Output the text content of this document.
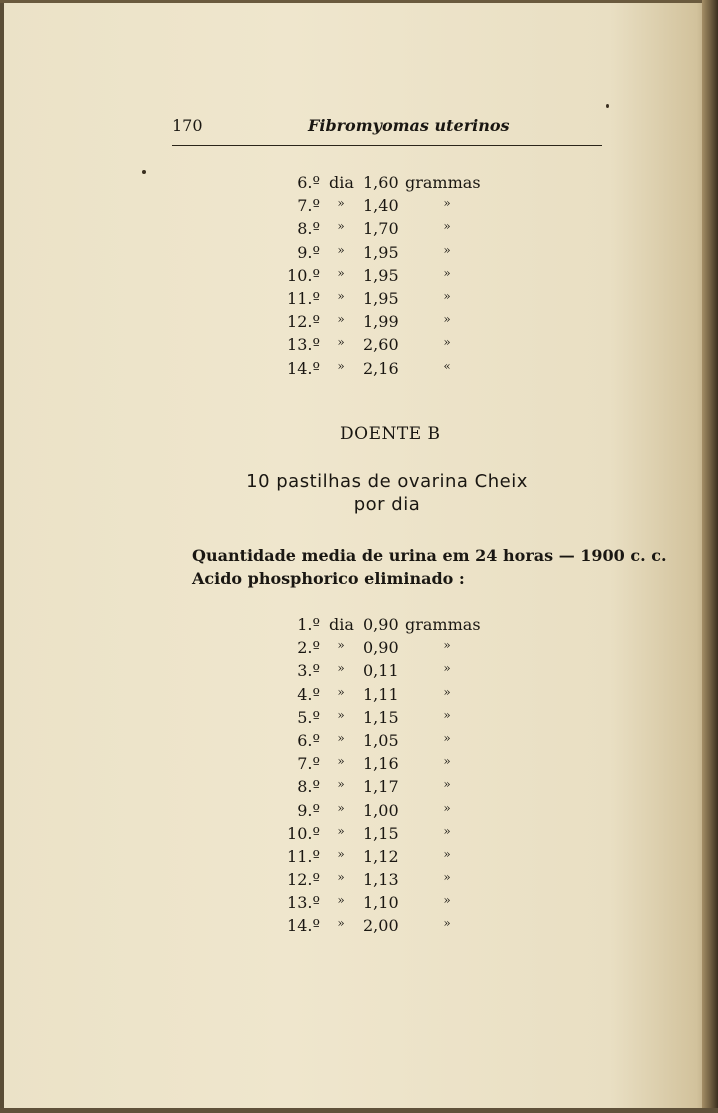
170	Fibromyomas uterinos
6.º dia 1,60 grammas
7.º	»	1,40	»
8.º	»	1,70	»
9.º	»	1,95	»
10.º	»	1,95	»
11.º	»	1,95	»
12.º	»	1,99	»
13.º	»	2,60	»
14.º	»	2,16	«
DOENTE B
10 pastilhas de ovarina Cheix
por dia
Quantidade media de urina em 24 horas — 1900 c. c.
Acido phosphorico eliminado :
1.º dia 0,90 grammas
2.º	»	0,90	»
3.º	»	0,11	»
4.º	»	1,11	»
5.º	»	1,15	»
6.º	»	1,05	»
7.º	»	1,16	»
8.º	»	1,17	»
9.º	»	1,00	»
10.º	»	1,15	»
11.º	»	1,12	»
12.º	»	1,13	»
13.º	»	1,10	»
14.º	»	2,00	»
